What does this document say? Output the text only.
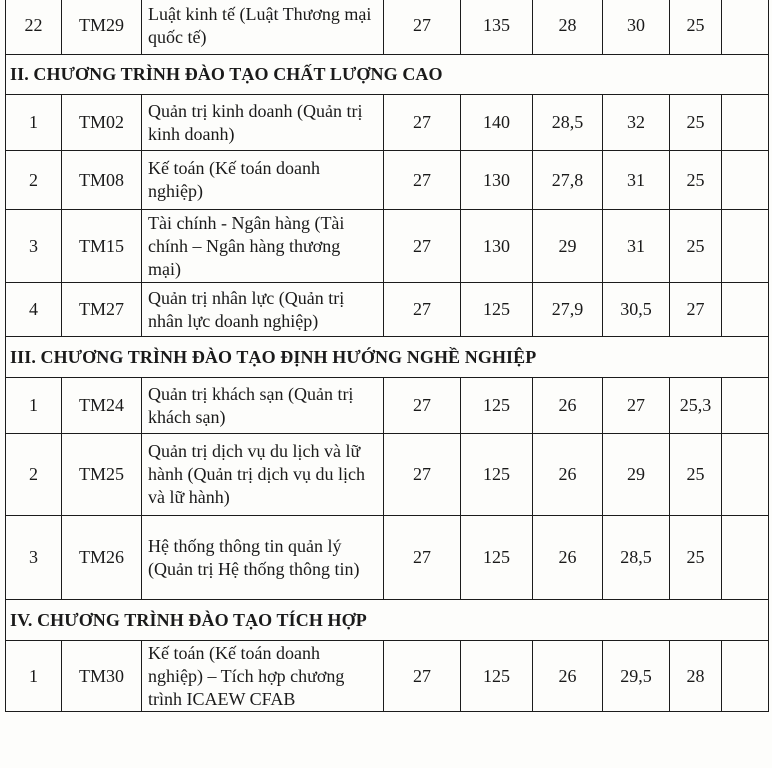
22	TM29	Luật kinh tế (Luật Thương mại quốc tế)	27	135	28	30	25	
II. CHƯƠNG TRÌNH ĐÀO TẠO CHẤT LƯỢNG CAO								
1	TM02	Quản trị kinh doanh (Quản trị kinh doanh)	27	140	28,5	32	25	
2	TM08	Kế toán (Kế toán doanh nghiệp)	27	130	27,8	31	25	
3	TM15	Tài chính - Ngân hàng (Tài chính – Ngân hàng thương mại)	27	130	29	31	25	
4	TM27	Quản trị nhân lực (Quản trị nhân lực doanh nghiệp)	27	125	27,9	30,5	27	
III. CHƯƠNG TRÌNH ĐÀO TẠO ĐỊNH HƯỚNG NGHỀ NGHIỆP								
1	TM24	Quản trị khách sạn (Quản trị khách sạn)	27	125	26	27	25,3	
2	TM25	Quản trị dịch vụ du lịch và lữ hành (Quản trị dịch vụ du lịch và lữ hành)	27	125	26	29	25	
3	TM26	Hệ thống thông tin quản lý (Quản trị Hệ thống thông tin)	27	125	26	28,5	25	
IV. CHƯƠNG TRÌNH ĐÀO TẠO TÍCH HỢP								
1	TM30	Kế toán (Kế toán doanh nghiệp) – Tích hợp chương trình ICAEW CFAB	27	125	26	29,5	28	
